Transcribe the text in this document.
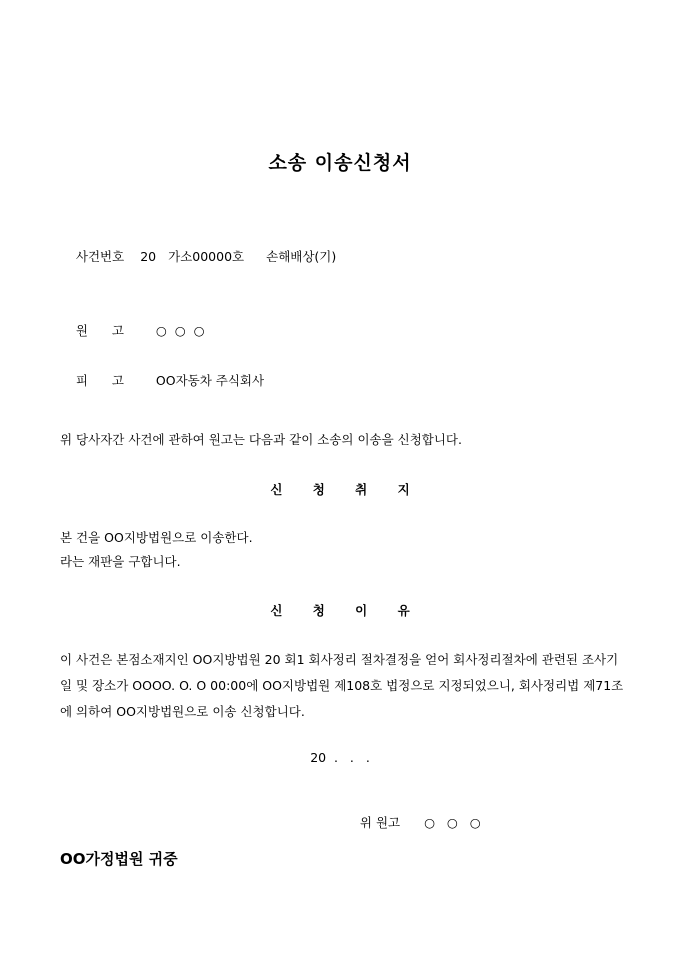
소송 이송신청서

사건번호 20 가소00000호 손해배상(기)

원      고	○  ○  ○

피      고	OO자동차 주식회사

위 당사자간 사건에 관하여 원고는 다음과 같이 소송의 이송을 신청합니다.
신 청 취 지
본 건을 OO지방법원으로 이송한다.
라는 재판을 구합니다.
신 청 이 유
이 사건은 본점소재지인 OO지방법원 20 회1 회사정리 절차결정을 얻어 회사정리절차에 관련된 조사기일 및 장소가 OOOO. O. O 00:00에 OO지방법원 제108호 법정으로 지정되었으니, 회사정리법 제71조에 의하여 OO지방법원으로 이송 신청합니다.
20  .   .   .

위 원고 ○   ○   ○

OO가정법원 귀중
